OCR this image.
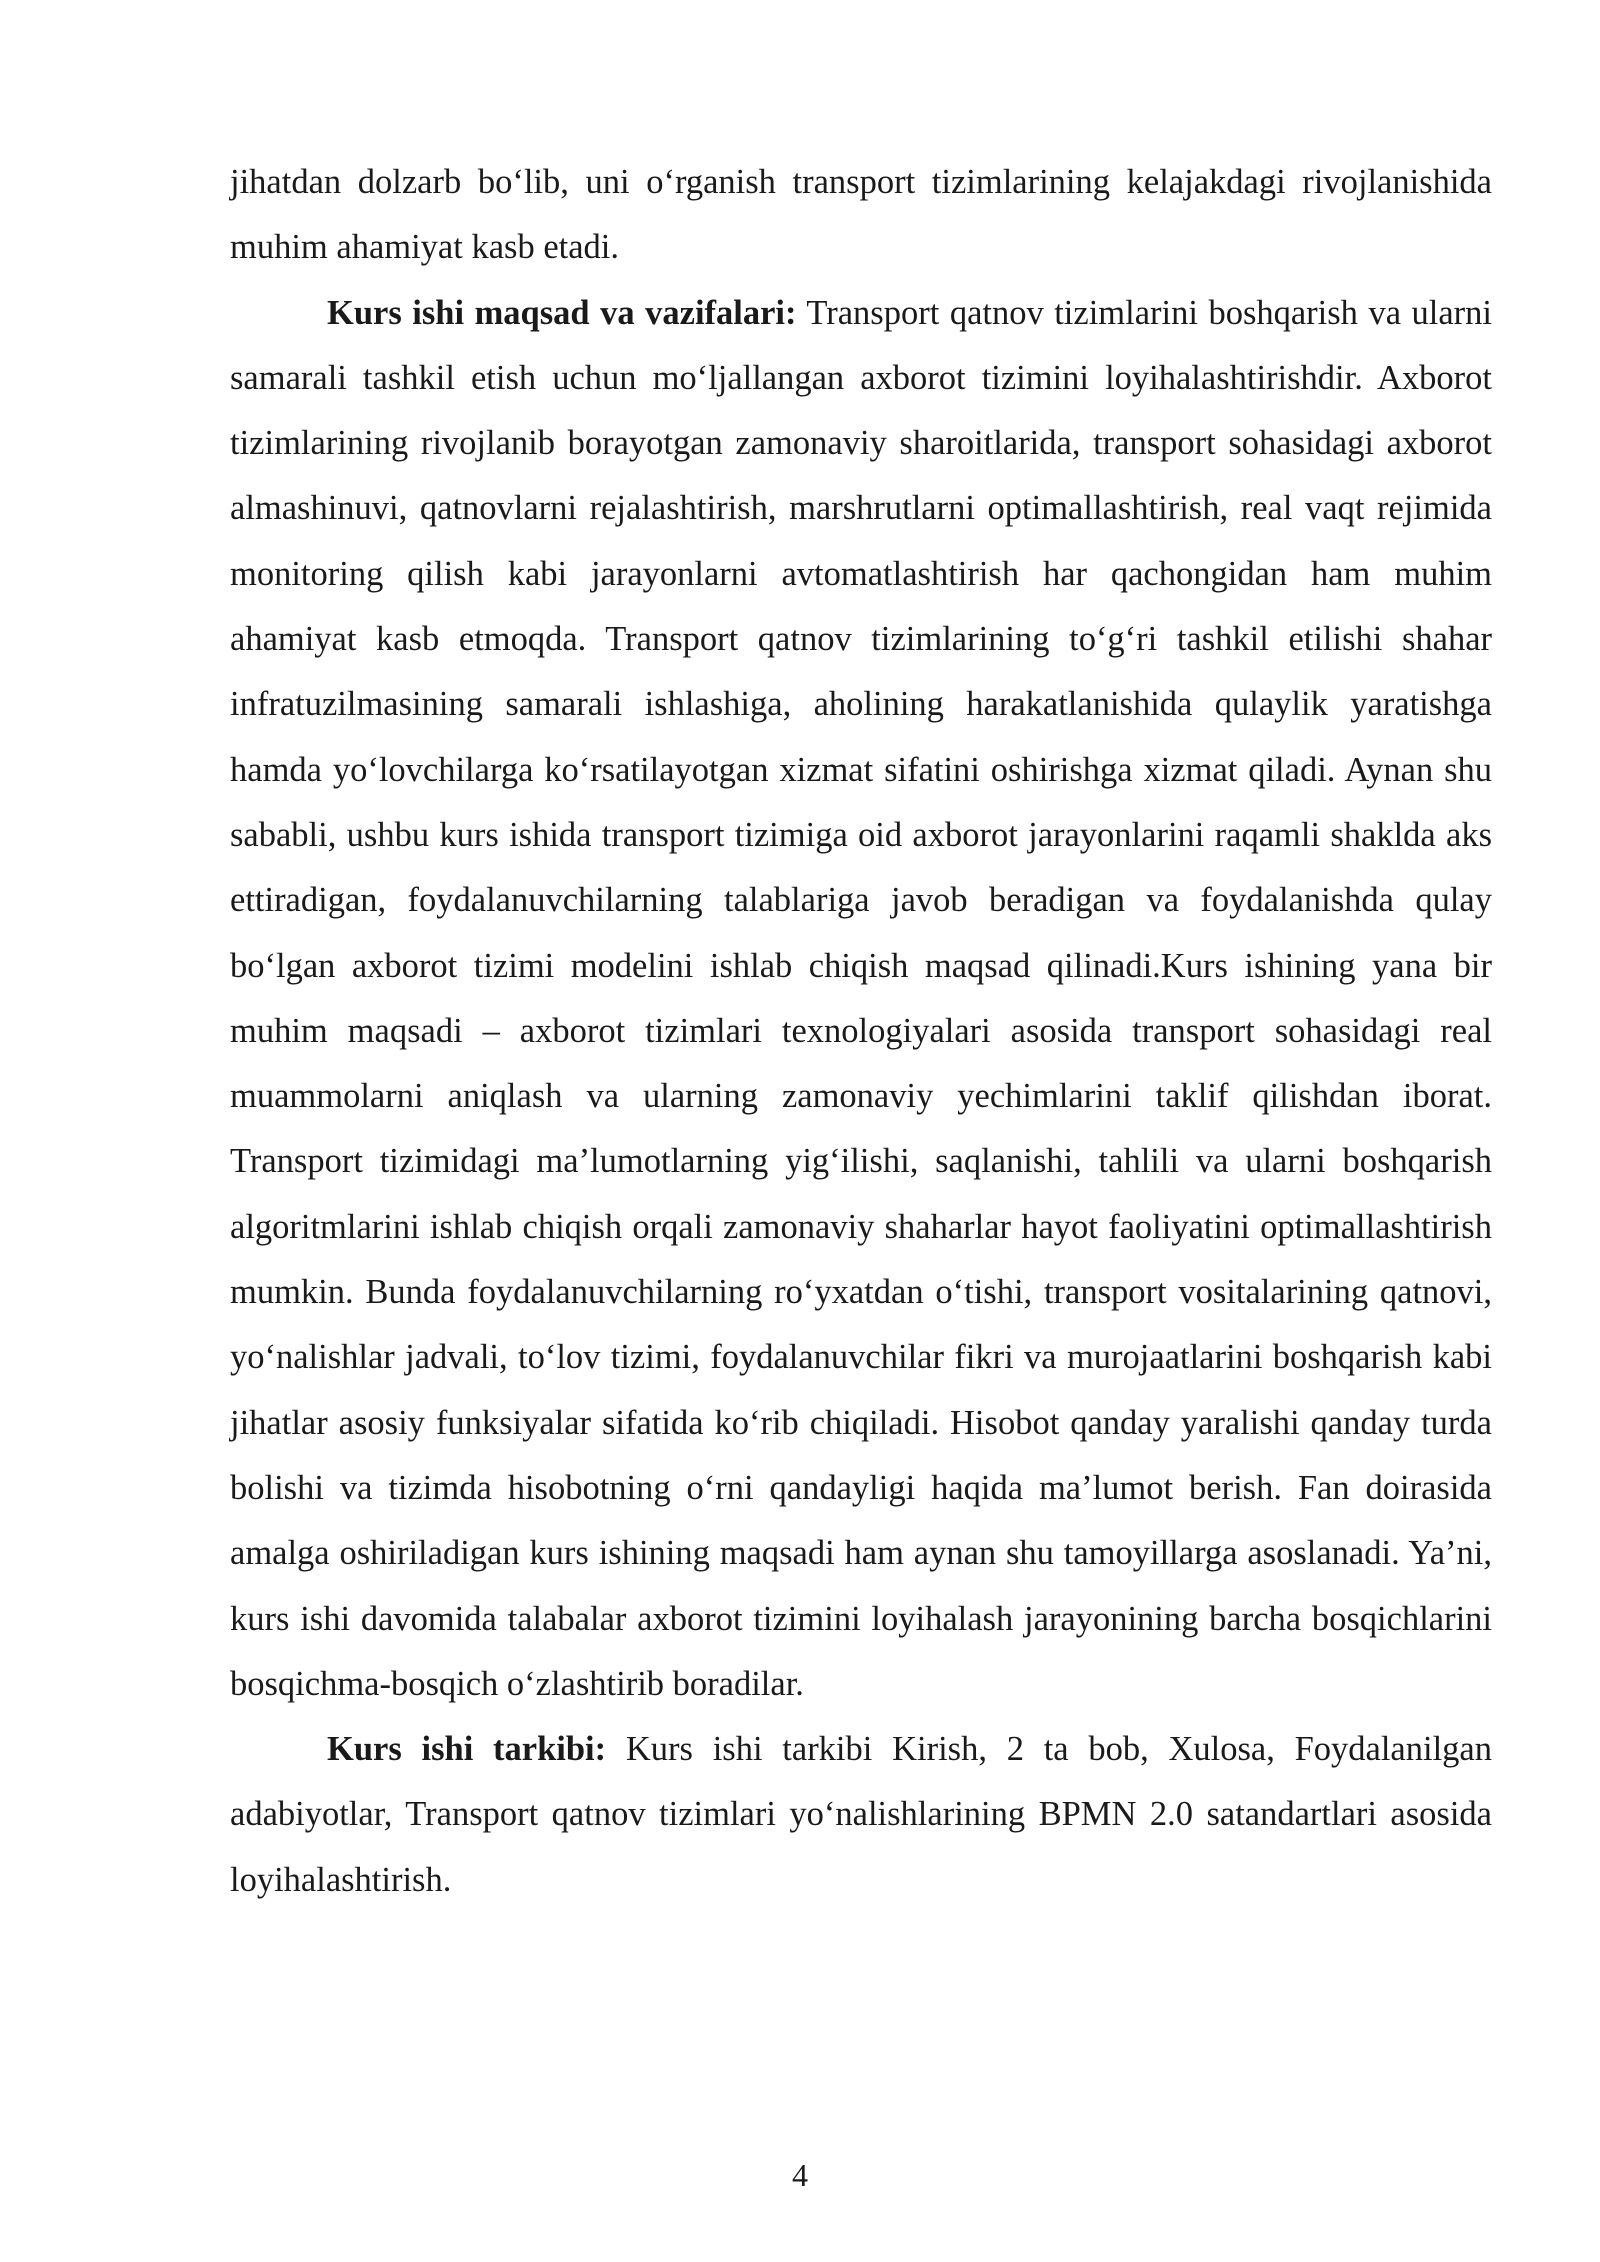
jihatdan dolzarb bo‘lib, uni o‘rganish transport tizimlarining kelajakdagi rivojlanishida muhim ahamiyat kasb etadi.

Kurs ishi maqsad va vazifalari: Transport qatnov tizimlarini boshqarish va ularni samarali tashkil etish uchun mo‘ljallangan axborot tizimini loyihalashtirishdir. Axborot tizimlarining rivojlanib borayotgan zamonaviy sharoitlarida, transport sohasidagi axborot almashinuvi, qatnovlarni rejalashtirish, marshrutlarni optimallashtirish, real vaqt rejimida monitoring qilish kabi jarayonlarni avtomatlashtirish har qachongidan ham muhim ahamiyat kasb etmoqda. Transport qatnov tizimlarining to‘g‘ri tashkil etilishi shahar infratuzilmasining samarali ishlashiga, aholining harakatlanishida qulaylik yaratishga hamda yo‘lovchilarga ko‘rsatilayotgan xizmat sifatini oshirishga xizmat qiladi. Aynan shu sababli, ushbu kurs ishida transport tizimiga oid axborot jarayonlarini raqamli shaklda aks ettiradigan, foydalanuvchilarning talablariga javob beradigan va foydalanishda qulay bo‘lgan axborot tizimi modelini ishlab chiqish maqsad qilinadi.Kurs ishining yana bir muhim maqsadi – axborot tizimlari texnologiyalari asosida transport sohasidagi real muammolarni aniqlash va ularning zamonaviy yechimlarini taklif qilishdan iborat. Transport tizimidagi ma’lumotlarning yig‘ilishi, saqlanishi, tahlili va ularni boshqarish algoritmlarini ishlab chiqish orqali zamonaviy shaharlar hayot faoliyatini optimallashtirish mumkin. Bunda foydalanuvchilarning ro‘yxatdan o‘tishi, transport vositalarining qatnovi, yo‘nalishlar jadvali, to‘lov tizimi, foydalanuvchilar fikri va murojaatlarini boshqarish kabi jihatlar asosiy funksiyalar sifatida ko‘rib chiqiladi. Hisobot qanday yaralishi qanday turda bolishi va tizimda hisobotning o‘rni qandayligi haqida ma’lumot berish. Fan doirasida amalga oshiriladigan kurs ishining maqsadi ham aynan shu tamoyillarga asoslanadi. Ya’ni, kurs ishi davomida talabalar axborot tizimini loyihalash jarayonining barcha bosqichlarini bosqichma-bosqich o‘zlashtirib boradilar.

Kurs ishi tarkibi: Kurs ishi tarkibi Kirish, 2 ta bob, Xulosa, Foydalanilgan adabiyotlar, Transport qatnov tizimlari yo‘nalishlarining BPMN 2.0 satandartlari asosida loyihalashtirish.

4
